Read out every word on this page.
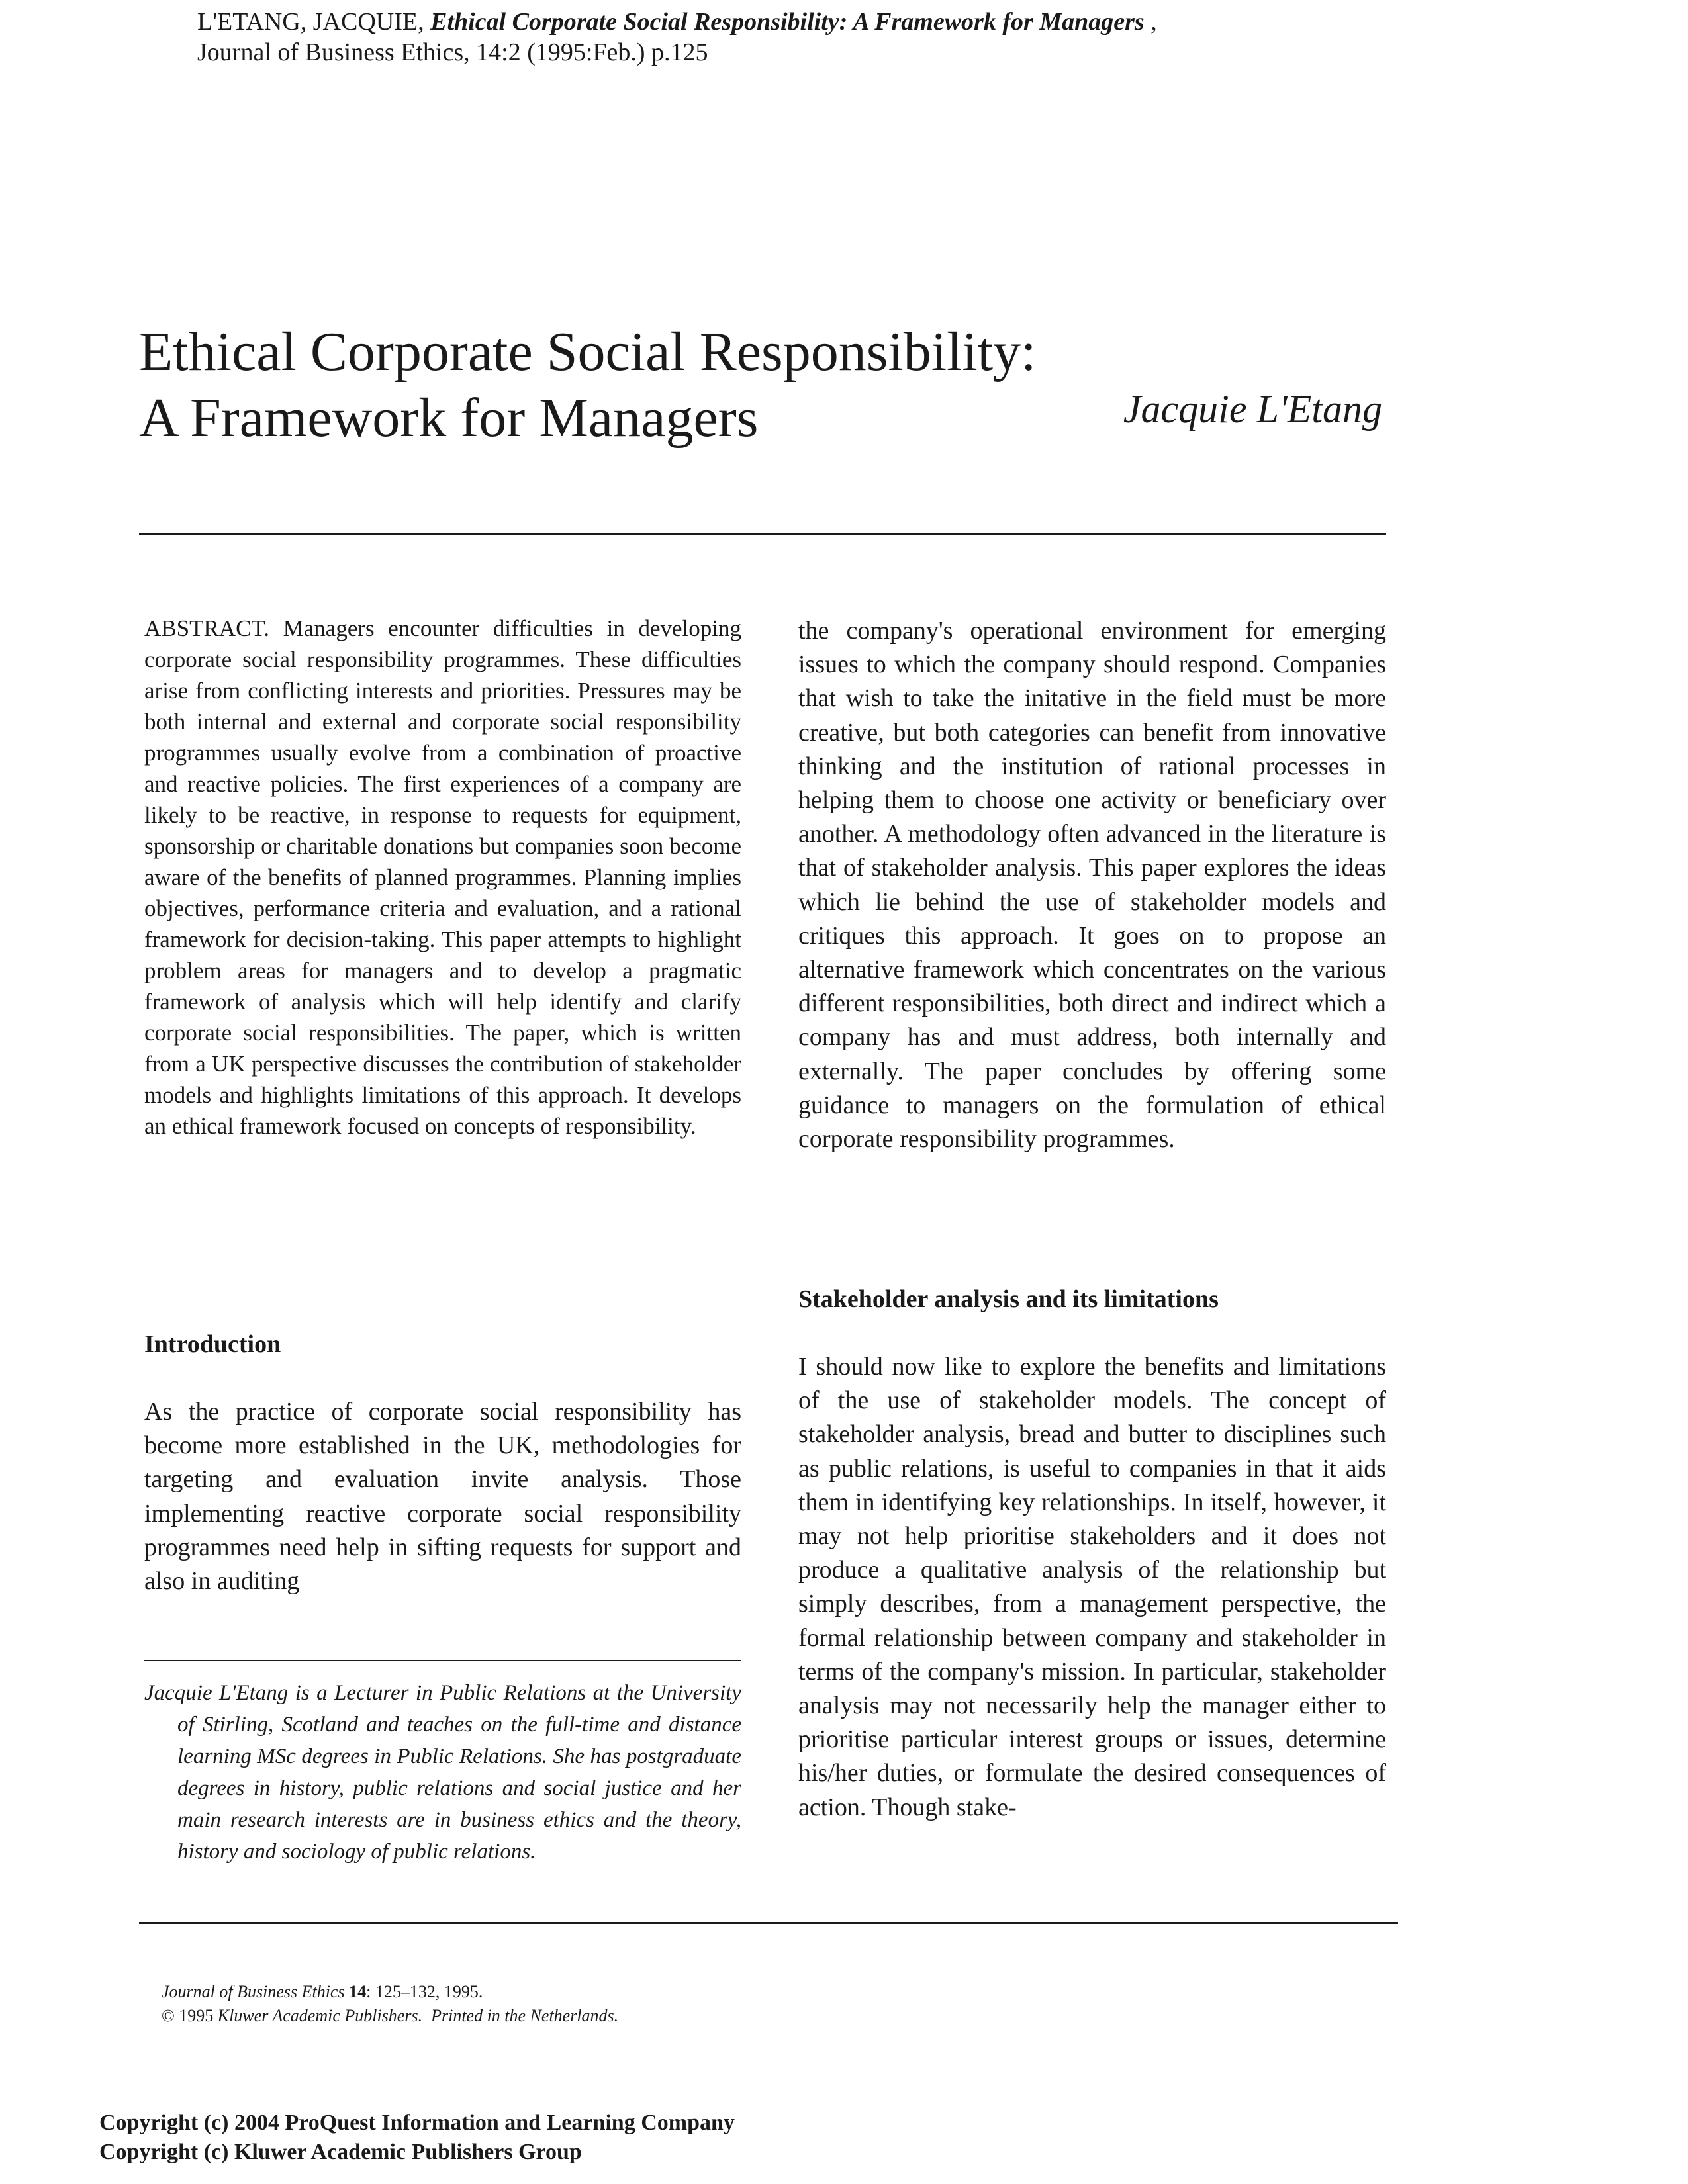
L'ETANG, JACQUIE, Ethical Corporate Social Responsibility: A Framework for Managers ,
Journal of Business Ethics, 14:2 (1995:Feb.) p.125
Ethical Corporate Social Responsibility:
A Framework for Managers	Jacquie L'Etang
ABSTRACT. Managers encounter difficulties in developing corporate social responsibility programmes. These difficulties arise from conflicting interests and priorities. Pressures may be both internal and external and corporate social responsibility programmes usually evolve from a combination of proactive and reactive policies. The first experiences of a company are likely to be reactive, in response to requests for equipment, sponsorship or charitable donations but companies soon become aware of the benefits of planned programmes. Planning implies objectives, performance criteria and evaluation, and a rational framework for decision-taking. This paper attempts to highlight problem areas for managers and to develop a pragmatic framework of analysis which will help identify and clarify corporate social responsibilities. The paper, which is written from a UK perspective discusses the contribution of stakeholder models and highlights limitations of this approach. It develops an ethical framework focused on concepts of responsibility.
Introduction
As the practice of corporate social responsibility has become more established in the UK, methodologies for targeting and evaluation invite analysis. Those implementing reactive corporate social responsibility programmes need help in sifting requests for support and also in auditing

Jacquie L'Etang is a Lecturer in Public Relations at the University of Stirling, Scotland and teaches on the full-time and distance learning MSc degrees in Public Relations. She has postgraduate degrees in history, public relations and social justice and her main research interests are in business ethics and the theory, history and sociology of public relations.

the company's operational environment for emerging issues to which the company should respond. Companies that wish to take the initative in the field must be more creative, but both categories can benefit from innovative thinking and the institution of rational processes in helping them to choose one activity or beneficiary over another. A methodology often advanced in the literature is that of stakeholder analysis. This paper explores the ideas which lie behind the use of stakeholder models and critiques this approach. It goes on to propose an alternative framework which concentrates on the various different responsibilities, both direct and indirect which a company has and must address, both internally and externally. The paper concludes by offering some guidance to managers on the formulation of ethical corporate responsibility programmes.
Stakeholder analysis and its limitations
I should now like to explore the benefits and limitations of the use of stakeholder models. The concept of stakeholder analysis, bread and butter to disciplines such as public relations, is useful to companies in that it aids them in identifying key relationships. In itself, however, it may not help prioritise stakeholders and it does not produce a qualitative analysis of the relationship but simply describes, from a management perspective, the formal relationship between company and stakeholder in terms of the company's mission. In particular, stakeholder analysis may not necessarily help the manager either to prioritise particular interest groups or issues, determine his/her duties, or formulate the desired consequences of action. Though stake-
Journal of Business Ethics 14: 125–132, 1995.
© 1995 Kluwer Academic Publishers. Printed in the Netherlands.
Copyright (c) 2004 ProQuest Information and Learning Company
Copyright (c) Kluwer Academic Publishers Group
